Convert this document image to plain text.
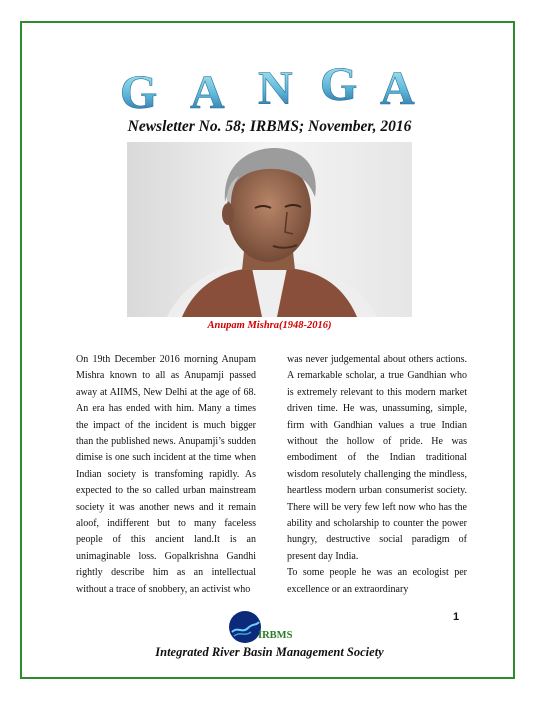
G A N G A
Newsletter No. 58; IRBMS; November, 2016
Anupam Mishra(1948-2016)

On 19th December 2016 morning Anupam Mishra known to all as Anupamji passed away at AIIMS, New Delhi at the age of 68. An era has ended with him. Many a times the impact of the incident is much bigger than the published news. Anupamji’s sudden dimise is one such incident at the time when Indian society is transfoming rapidly. As expected to the so called urban mainstream society it was another news and it remain aloof, indifferent but to many faceless people of this ancient land.It is an unimaginable loss. Gopalkrishna Gandhi rightly describe him as an intellectual without a trace of snobbery, an activist who

was never judgemental about others actions. A remarkable scholar, a true Gandhian who is extremely relevant to this modern market driven time. He was, unassuming, simple, firm with Gandhian values a true Indian without the hollow of pride. He was embodiment of the Indian traditional wisdom resolutely challenging the mindless, heartless modern urban consumerist society. There will be very few left now who has the ability and scholarship to counter the power hungry, destructive social paradigm of present day India.

To some people he was an ecologist per excellence or an extraordinary

1
IRBMS
Integrated River Basin Management Society
